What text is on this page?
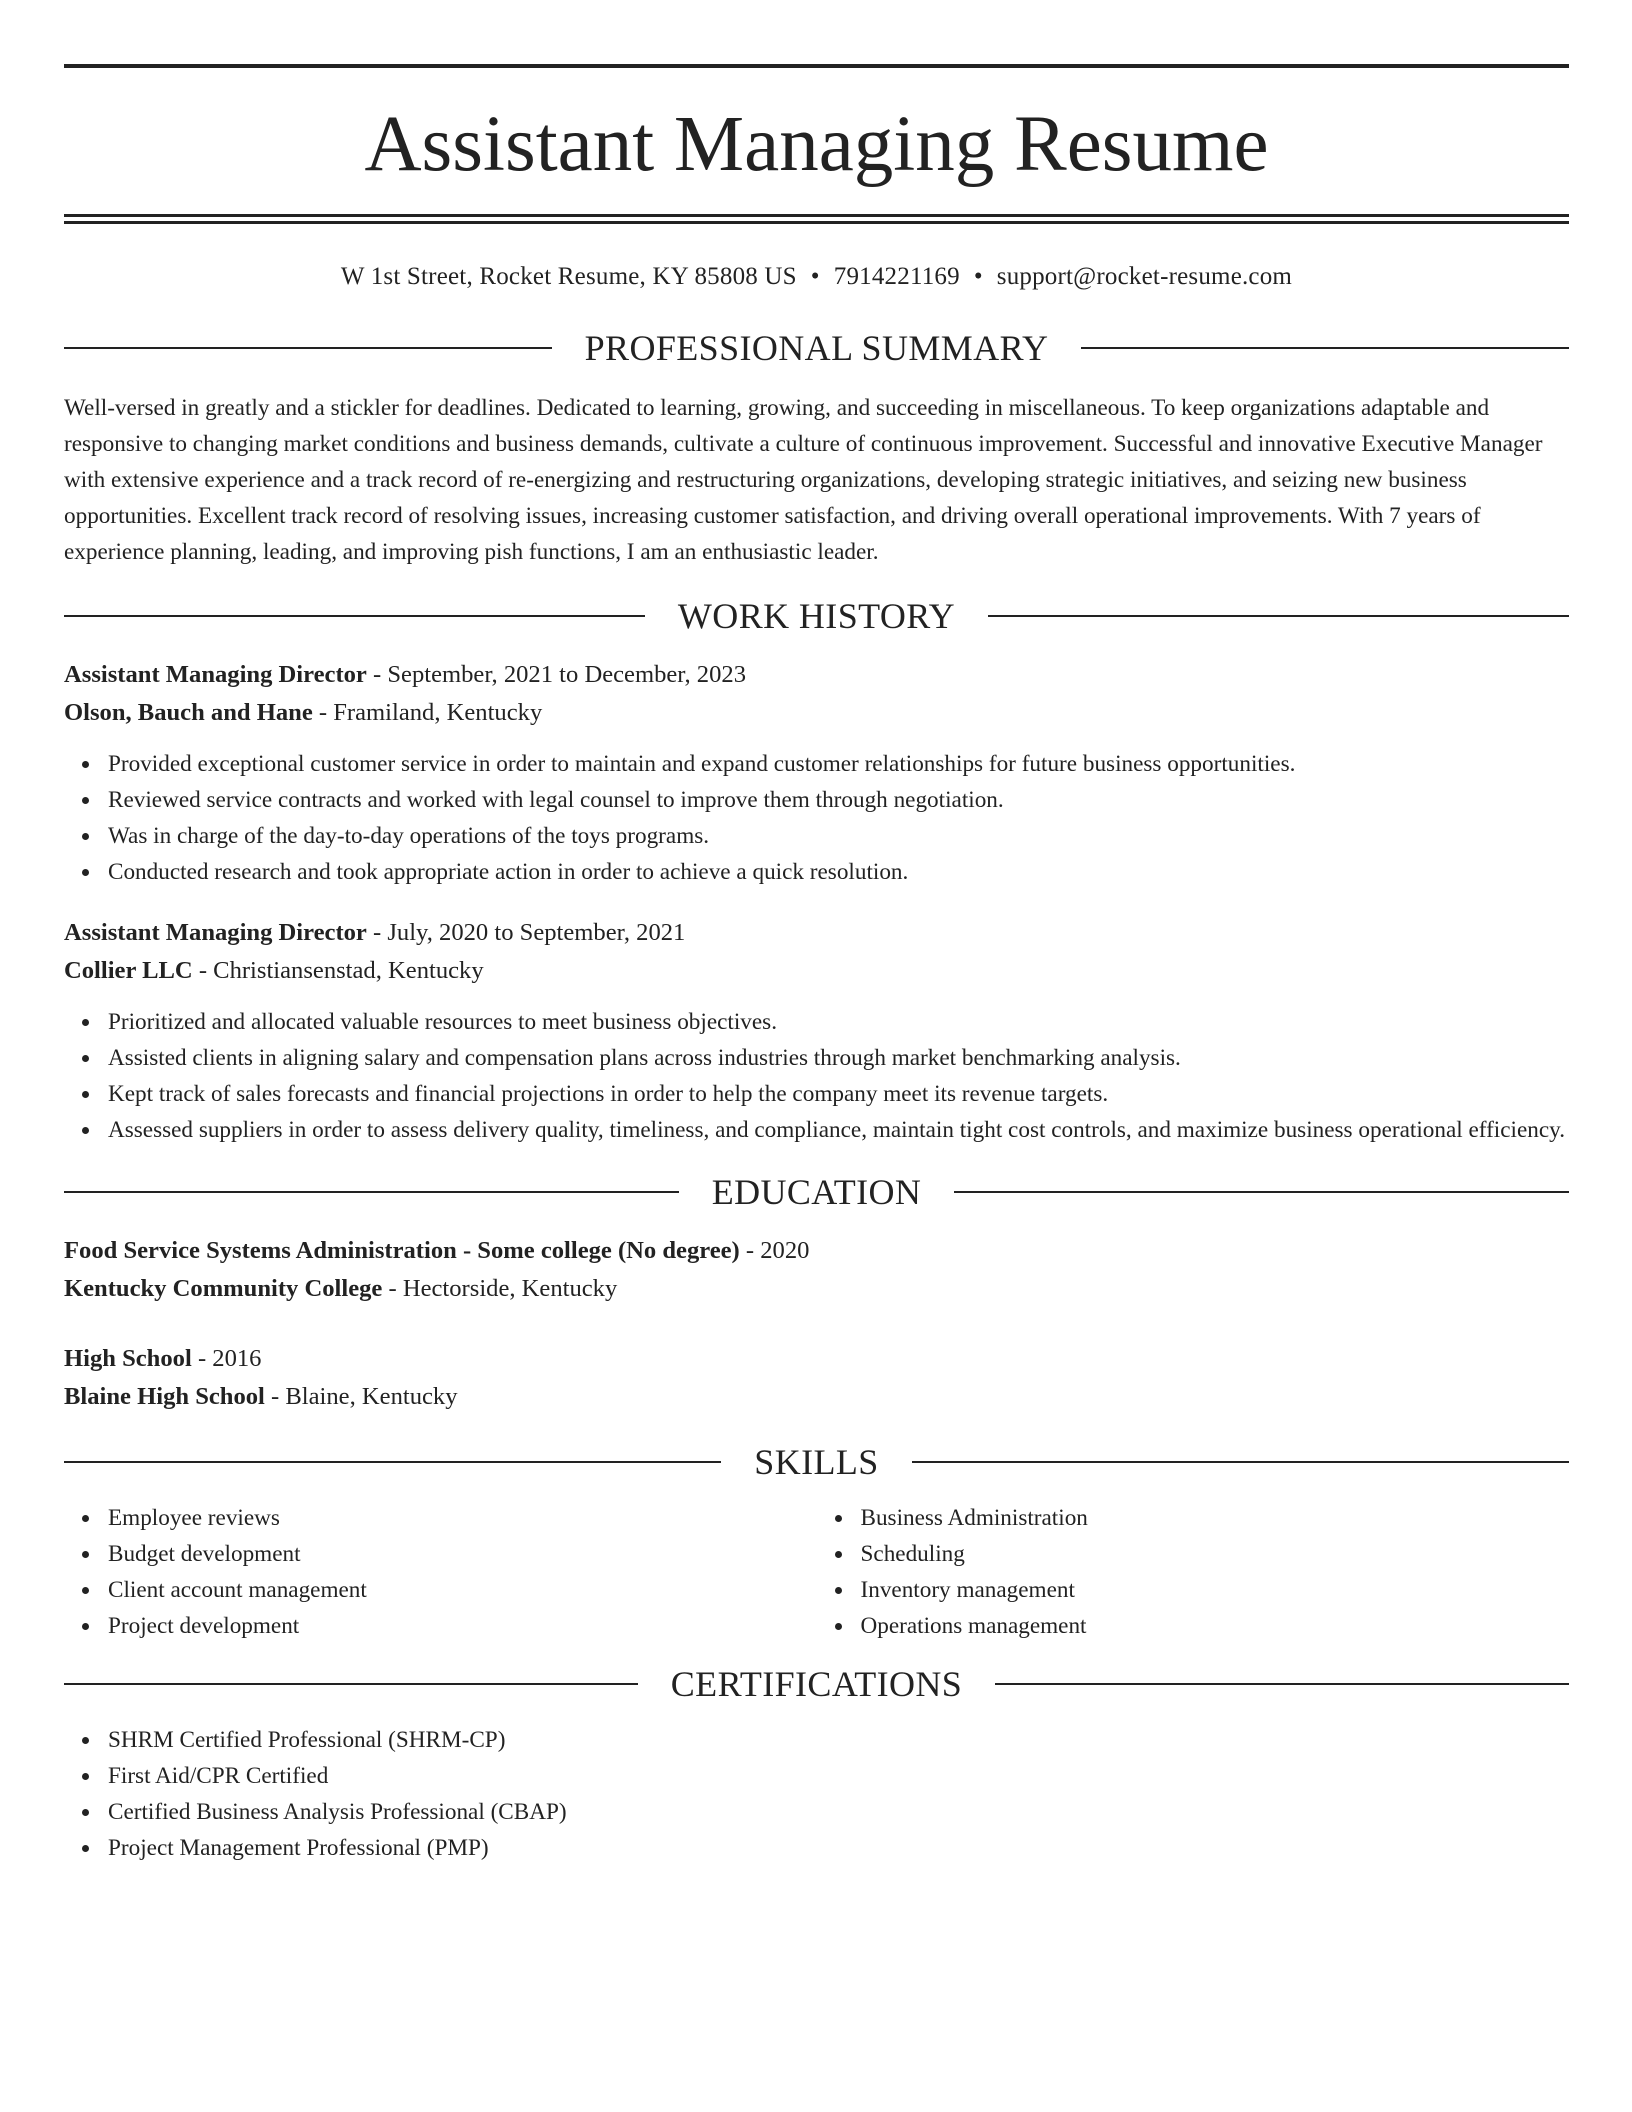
Assistant Managing Resume
W 1st Street, Rocket Resume, KY 85808 US • 7914221169 • support@rocket-resume.com
PROFESSIONAL SUMMARY

Well-versed in greatly and a stickler for deadlines. Dedicated to learning, growing, and succeeding in miscellaneous. To keep organizations adaptable and responsive to changing market conditions and business demands, cultivate a culture of continuous improvement. Successful and innovative Executive Manager with extensive experience and a track record of re-energizing and restructuring organizations, developing strategic initiatives, and seizing new business opportunities. Excellent track record of resolving issues, increasing customer satisfaction, and driving overall operational improvements. With 7 years of experience planning, leading, and improving pish functions, I am an enthusiastic leader.

WORK HISTORY
Assistant Managing Director - September, 2021 to December, 2023
Olson, Bauch and Hane - Framiland, Kentucky
Provided exceptional customer service in order to maintain and expand customer relationships for future business opportunities.
Reviewed service contracts and worked with legal counsel to improve them through negotiation.
Was in charge of the day-to-day operations of the toys programs.
Conducted research and took appropriate action in order to achieve a quick resolution.
Assistant Managing Director - July, 2020 to September, 2021
Collier LLC - Christiansenstad, Kentucky
Prioritized and allocated valuable resources to meet business objectives.
Assisted clients in aligning salary and compensation plans across industries through market benchmarking analysis.
Kept track of sales forecasts and financial projections in order to help the company meet its revenue targets.
Assessed suppliers in order to assess delivery quality, timeliness, and compliance, maintain tight cost controls, and maximize business operational efficiency.
EDUCATION
Food Service Systems Administration - Some college (No degree) - 2020
Kentucky Community College - Hectorside, Kentucky
High School - 2016
Blaine High School - Blaine, Kentucky
SKILLS
Employee reviews
Budget development
Client account management
Project development
Business Administration
Scheduling
Inventory management
Operations management
CERTIFICATIONS
SHRM Certified Professional (SHRM-CP)
First Aid/CPR Certified
Certified Business Analysis Professional (CBAP)
Project Management Professional (PMP)
